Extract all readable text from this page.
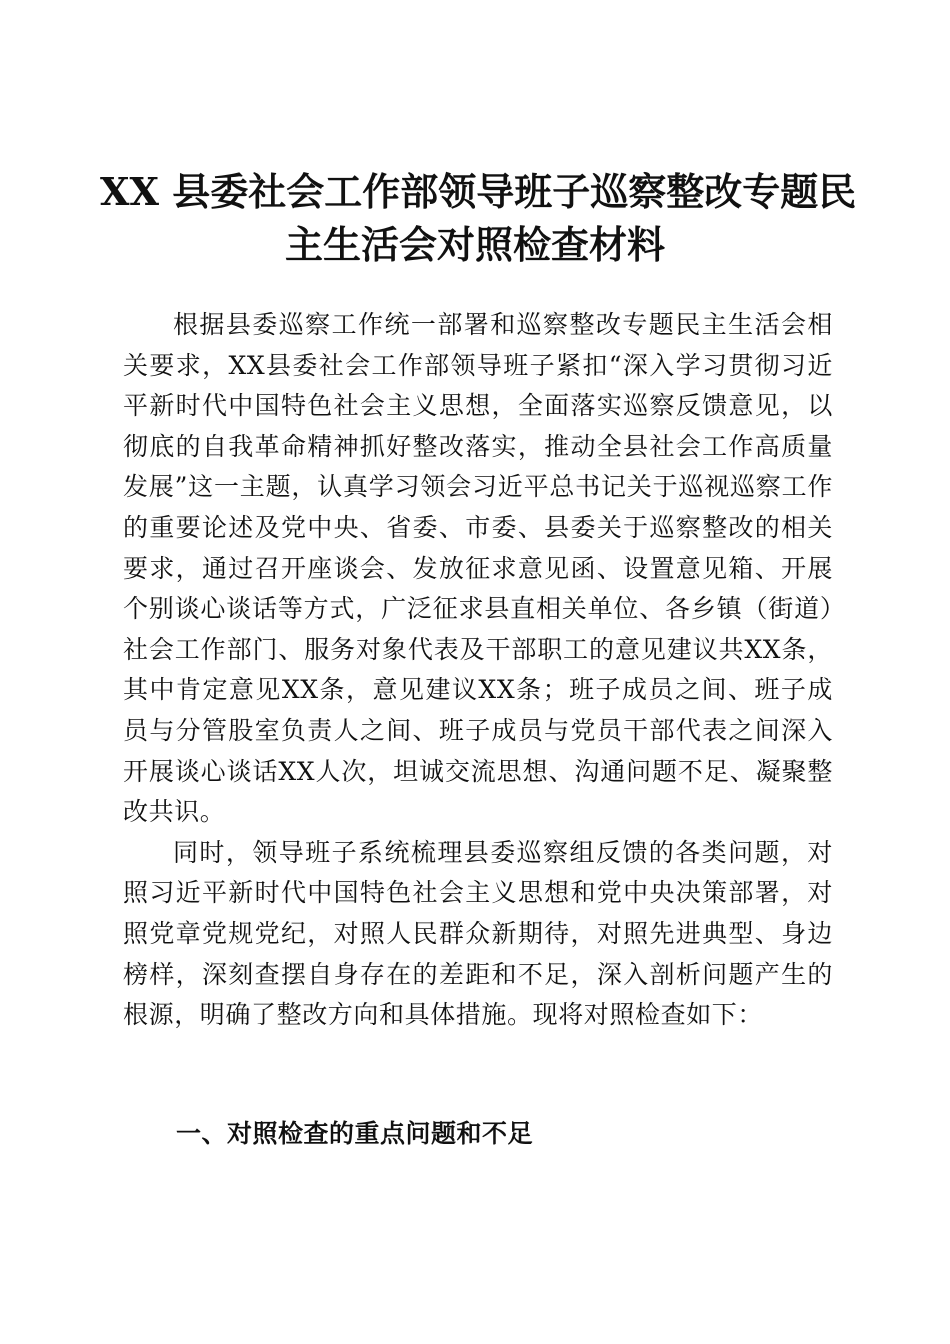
XX 县委社会工作部领导班子巡察整改专题民
主生活会对照检查材料

根据县委巡察工作统一部署和巡察整改专题民主生活会相关要求，XX县委社会工作部领导班子紧扣“深入学习贯彻习近平新时代中国特色社会主义思想，全面落实巡察反馈意见，以彻底的自我革命精神抓好整改落实，推动全县社会工作高质量发展”这一主题，认真学习领会习近平总书记关于巡视巡察工作的重要论述及党中央、省委、市委、县委关于巡察整改的相关要求，通过召开座谈会、发放征求意见函、设置意见箱、开展个别谈心谈话等方式，广泛征求县直相关单位、各乡镇（街道）社会工作部门、服务对象代表及干部职工的意见建议共XX条，其中肯定意见XX条，意见建议XX条；班子成员之间、班子成员与分管股室负责人之间、班子成员与党员干部代表之间深入开展谈心谈话XX人次，坦诚交流思想、沟通问题不足、凝聚整改共识。

同时，领导班子系统梳理县委巡察组反馈的各类问题，对照习近平新时代中国特色社会主义思想和党中央决策部署，对照党章党规党纪，对照人民群众新期待，对照先进典型、身边榜样，深刻查摆自身存在的差距和不足，深入剖析问题产生的根源，明确了整改方向和具体措施。现将对照检查如下：

一、对照检查的重点问题和不足
